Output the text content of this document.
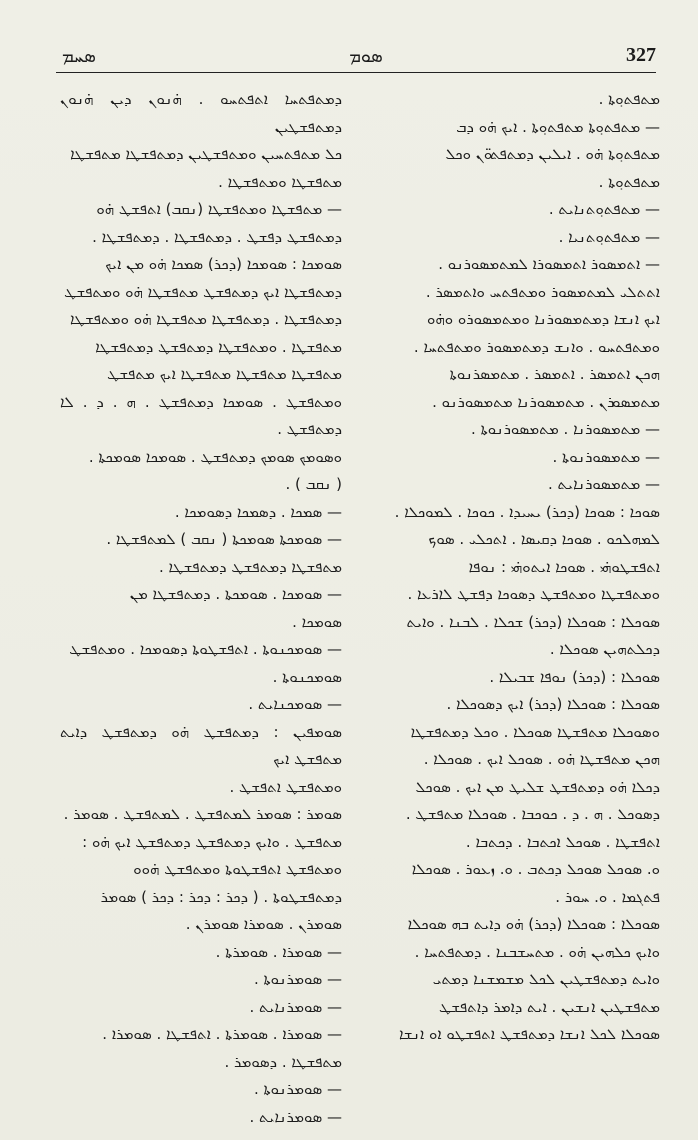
ܣܚܡ	ܣܘܡ	327

ܕܡܬܦܬܚܐ ܐܬܦܬܚܘ . ܗ̇ܢܘܢ ܕܝܢ ܗ̇ܢܘܢ ܕܡܬܦܫܛܝܢ

ܟܠ ܡܬܦܬܚܝܢ ܘܡܬܦܫܛܝܢ ܕܡܬܦܫܛܐ ܡܬܦܫܛܐ

ܡܬܦܫܛܐ ܘܡܬܦܫܛܐ .

— ܡܬܦܫܛܐ ܘܡܬܦܫܛܐ (ܢܩܒ) ܐܬܦܫܛ ܗ̇ܘ

ܕܡܬܦܫܛ ܕܦܫܛ . ܕܡܬܦܫܛܐ . ܕܡܬܦܫܛܐ .

ܣܘܡܟܐ : ܣܘܡܟܐ (ܕܟܪ) ܣܡܟܐ ܗ̇ܘ ܡܢ ܐܝܟ

ܕܡܬܦܫܛܐ ܐܝܟ ܕܡܬܦܫܛ ܡܬܦܫܛܐ ܗ̇ܘ ܘܡܬܦܫܛ

ܕܡܬܦܫܛܐ . ܕܡܬܦܫܛܐ ܡܬܦܫܛܐ ܗ̇ܘ ܘܡܬܦܫܛܐ

ܡܬܦܫܛܐ . ܘܡܬܦܫܛܐ ܕܡܬܦܫܛ ܕܡܬܦܫܛܐ

ܡܬܦܫܛܐ ܡܬܦܫܛܐ ܡܬܦܫܛܐ ܐܝܟ ܡܬܦܫܛ

ܘܡܬܦܫܛ . ܣܘܡܟܐ ܕܡܬܦܫܛ . ܗ . ܕ . ܠܐ ܕܡܬܦܫܛ .

ܘܣܘܡܟ ܣܘܡܟ ܕܡܬܦܫܛ . ܣܘܡܟܐ ܣܘܡܟܬܐ .

( ܢܩܒ ) .

— ܣܡܟܐ . ܕܣܡܟܐ ܕܣܘܡܟܐ .

— ܣܘܡܟܬܐ ܣܘܡܟܬܐ ( ܢܩܒ ) ܠܡܬܦܫܛܐ .

ܡܬܦܫܛܐ ܕܡܬܦܫܛ ܕܡܬܦܫܛܐ .

— ܣܘܡܟܐ . ܣܘܡܟܬܐ . ܕܡܬܦܫܛܐ ܡܢ

ܣܘܡܟܐ .

— ܣܘܡܟܢܘܬܐ . ܐܬܦܫܛܘܬܐ ܕܣܘܡܟܐ . ܘܡܬܦܫܛ

ܣܘܡܟܢܘܬܐ .

— ܣܘܡܟܢܐܝܬ .

ܣܘܡܦܝܢ : ܕܡܬܦܫܛ ܗ̇ܘ ܕܡܬܦܫܛ ܕܐܝܬ ܡܬܦܫܛ ܐܝܟ

ܘܡܬܦܫܛ ܐܬܦܫܛ .

ܣܘܡܪ : ܣܘܡܪ ܠܡܬܦܫܛ . ܠܡܬܦܫܛ . ܣܘܡܪ .

ܡܬܦܫܛ . ܘܐܝܟ ܕܡܬܦܫܛ ܕܡܬܦܫܛ ܐܝܟ ܗ̇ܘ :

ܘܡܬܦܫܛ ܐܬܦܫܛܘܬܐ ܘܡܬܦܫܛ ܗ̇ܘܘ

ܕܡܬܦܫܛܘܬܐ . ( ܕܟܪ : ܕܟܪ : ܕܟܪ ) ܣܘܡܪ

ܣܘܡܪܢ . ܣܘܡܪܐ ܣܘܡܪܢ .

— ܣܘܡܪܐ . ܣܘܡܪܬܐ .

— ܣܘܡܪܢܘܬܐ .

— ܣܘܡܪܢܐܝܬ .

— ܣܘܡܪܐ . ܣܘܡܪܬܐ . ܐܬܦܫܛܐ . ܣܘܡܪܐ .

ܡܬܦܫܛܐ . ܕܣܘܡܪ .

— ܣܘܡܪܢܘܬܐ .

— ܣܘܡܪܢܐܝܬ .

ܡܬܦܬܘ݂ܬܐ .

— ܡܬܦܬܘ݂ܬܐ ܡܬܦܬܘ݂ܬܐ . ܐܝܟ ܗ̇ܘ ܕܒ

ܡܬܦܬܘ݂ܬܐ ܗ̇ܘ . ܐܝܠܝܢ ܕܡܬܦܬܘ̈ܢ ܘܟܠ

ܡܬܦܬܘ݂ܬܐ .

— ܡܬܦܬܘ݂ܬܢܐܝܬ .

— ܡܬܦܬܘ݂ܬܢܝܐ .

— ܐܬܡܣܘܪ ܐܬܡܣܘܪܐ ܠܡܬܡܣܘܪܢܘ .

ܐܬܬܠܝ ܠܡܬܡܣܘܪ ܘܡܬܦܬܚ ܘܐܬܡܣܪ .

ܐܝܟ ܐܢܫܐ ܕܡܬܡܣܘܪܢܐ ܘܡܬܡܣܘܪܘ ܘܗ̇ܘ

ܘܡܬܦܬܚܘ . ܘܐܢܫ ܕܡܬܡܣܘܪ ܘܡܬܦܬܚܐ .

ܗܟܢ ܐܬܡܣܪ . ܐܬܡܣܪ . ܡܬܡܣܪܢܘܬܐ

ܡܬܡܣܘܪܢ . ܡܬܡܣܘܪܢܐ ܡܬܡܣܘܪܢܘ .

— ܡܬܡܣܘܪܢܐ . ܡܬܡܣܘܪܢܘܬܐ .

— ܡܬܡܣܘܪܢܘܬܐ .

— ܡܬܡܣܘܪܢܐܝܬ .

ܣܘܟܐ : ܣܘܟܐ (ܕܟܪ) ܝܚܝܕܐ . ܟܘܟܐ . ܠܡܘܟܠܐ .

ܠܡܗܠܟܘ . ܣܘܟܐ ܕܩܝܣܐ . ܐܬܟܠܝ . ܣܘܟ

ܐܬܦܫܛܘܗ̇ܝ . ܣܘܟܐ ܐܝܬܘܗ̇ܝ : ܢܘܦܐ

ܘܡܬܦܫܛܐ ܘܡܬܦܫܛ ܕܣܘܟܐ ܕܦܫܛ ܠܐܪܥܐ .

ܣܘܟܠܐ : ܣܘܟܠܐ (ܕܟܪ) ܫܟܠܐ . ܠܒܢܐ . ܘܐܝܬ

ܕܟܠܬܗܝܢ ܣܘܟܠܐ .

ܣܘܟܠܐ : (ܕܟܪ) ܢܘܦܐ ܫܒܝܠܐ .

ܣܘܟܠܐ : ܣܘܟܠܐ (ܕܟܪ) ܐܝܟ ܕܣܘܟܠܐ .

ܘܣܘܟܠܐ ܡܬܦܫܛܐ ܣܘܟܠܐ . ܘܟܠ ܕܡܬܦܫܛܐ

ܗܟܢ ܡܬܦܫܛܐ ܗ̇ܘ . ܣܘܟܠ ܐܝܟ . ܣܘܟܠܐ .

ܕܟܠܐ ܗ̇ܘ ܕܡܬܦܫܛ ܫܠܝܛ ܡܢ ܐܝܟ . ܣܘܟܠ

ܕܣܘܟܠ . ܗ . ܕ . ܟܘܟܒܐ . ܣܘܟܠܐ ܡܬܦܫܛ .

ܐܬܦܫܛܐ . ܣܘܟܠ ܐܟܬܒܐ . ܕܟܬܒܐ .

ܘ. ܣܘܟܠ ܣܘܟܠ ܕܟܬܒ . ܘ. ܙܥܘܪ . ܣܘܟܠܐ

ܦܬܓܡܐ . ܘ. ܚܘܪ .

ܣܘܟܠܐ : ܣܘܟܠܐ (ܕܟܪ) ܗ̇ܘ ܕܐܝܬ ܒܗ ܣܘܟܠܐ

ܘܐܝܟ ܟܠܗܝܢ ܗ̇ܘ . ܡܬܚܫܒܢܐ . ܕܡܬܦܬܚܐ .

ܘܐܝܬ ܕܡܬܦܫܛܝܢ ܠܟܠ ܡܫܡܫܢܐ ܕܡܬܝ

ܡܬܦܫܛܝܢ ܐܢܫܝܢ . ܐܝܬ ܕܐܡܪ ܕܐܬܦܫܛ

ܣܘܟܠܐ ܠܟܠ ܐܢܫܐ ܕܡܬܦܫܛ ܐܬܦܫܛܘ ܐܘ ܐܢܫܐ
